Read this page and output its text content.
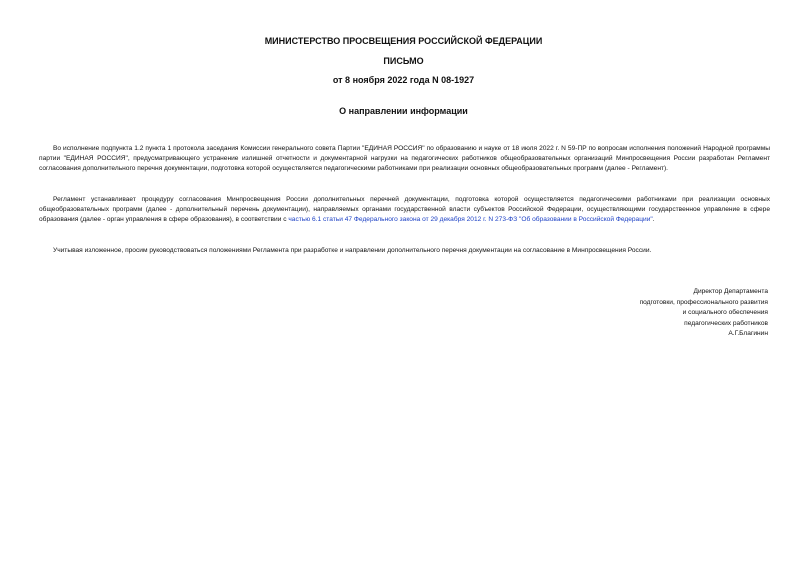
МИНИСТЕРСТВО ПРОСВЕЩЕНИЯ РОССИЙСКОЙ ФЕДЕРАЦИИ
ПИСЬМО
от 8 ноября 2022 года N 08-1927
О направлении информации

Во исполнение подпункта 1.2 пункта 1 протокола заседания Комиссии генерального совета Партии "ЕДИНАЯ РОССИЯ" по образованию и науке от 18 июля 2022 г. N 59-ПР по вопросам исполнения положений Народной программы партии "ЕДИНАЯ РОССИЯ", предусматривающего устранение излишней отчетности и документарной нагрузки на педагогических работников общеобразовательных организаций Минпросвещения России разработан Регламент согласования дополнительного перечня документации, подготовка которой осуществляется педагогическими работниками при реализации основных общеобразовательных программ (далее - Регламент).

Регламент устанавливает процедуру согласования Минпросвещения России дополнительных перечней документации, подготовка которой осуществляется педагогическими работниками при реализации основных общеобразовательных программ (далее - дополнительный перечень документации), направляемых органами государственной власти субъектов Российской Федерации, осуществляющими государственное управление в сфере образования (далее - орган управления в сфере образования), в соответствии с частью 6.1 статьи 47 Федерального закона от 29 декабря 2012 г. N 273-ФЗ "Об образовании в Российской Федерации".

Учитывая изложенное, просим руководствоваться положениями Регламента при разработке и направлении дополнительного перечня документации на согласование в Минпросвещения России.

Директор Департамента
подготовки, профессионального развития
и социального обеспечения
педагогических работников
А.Г.Благинин
